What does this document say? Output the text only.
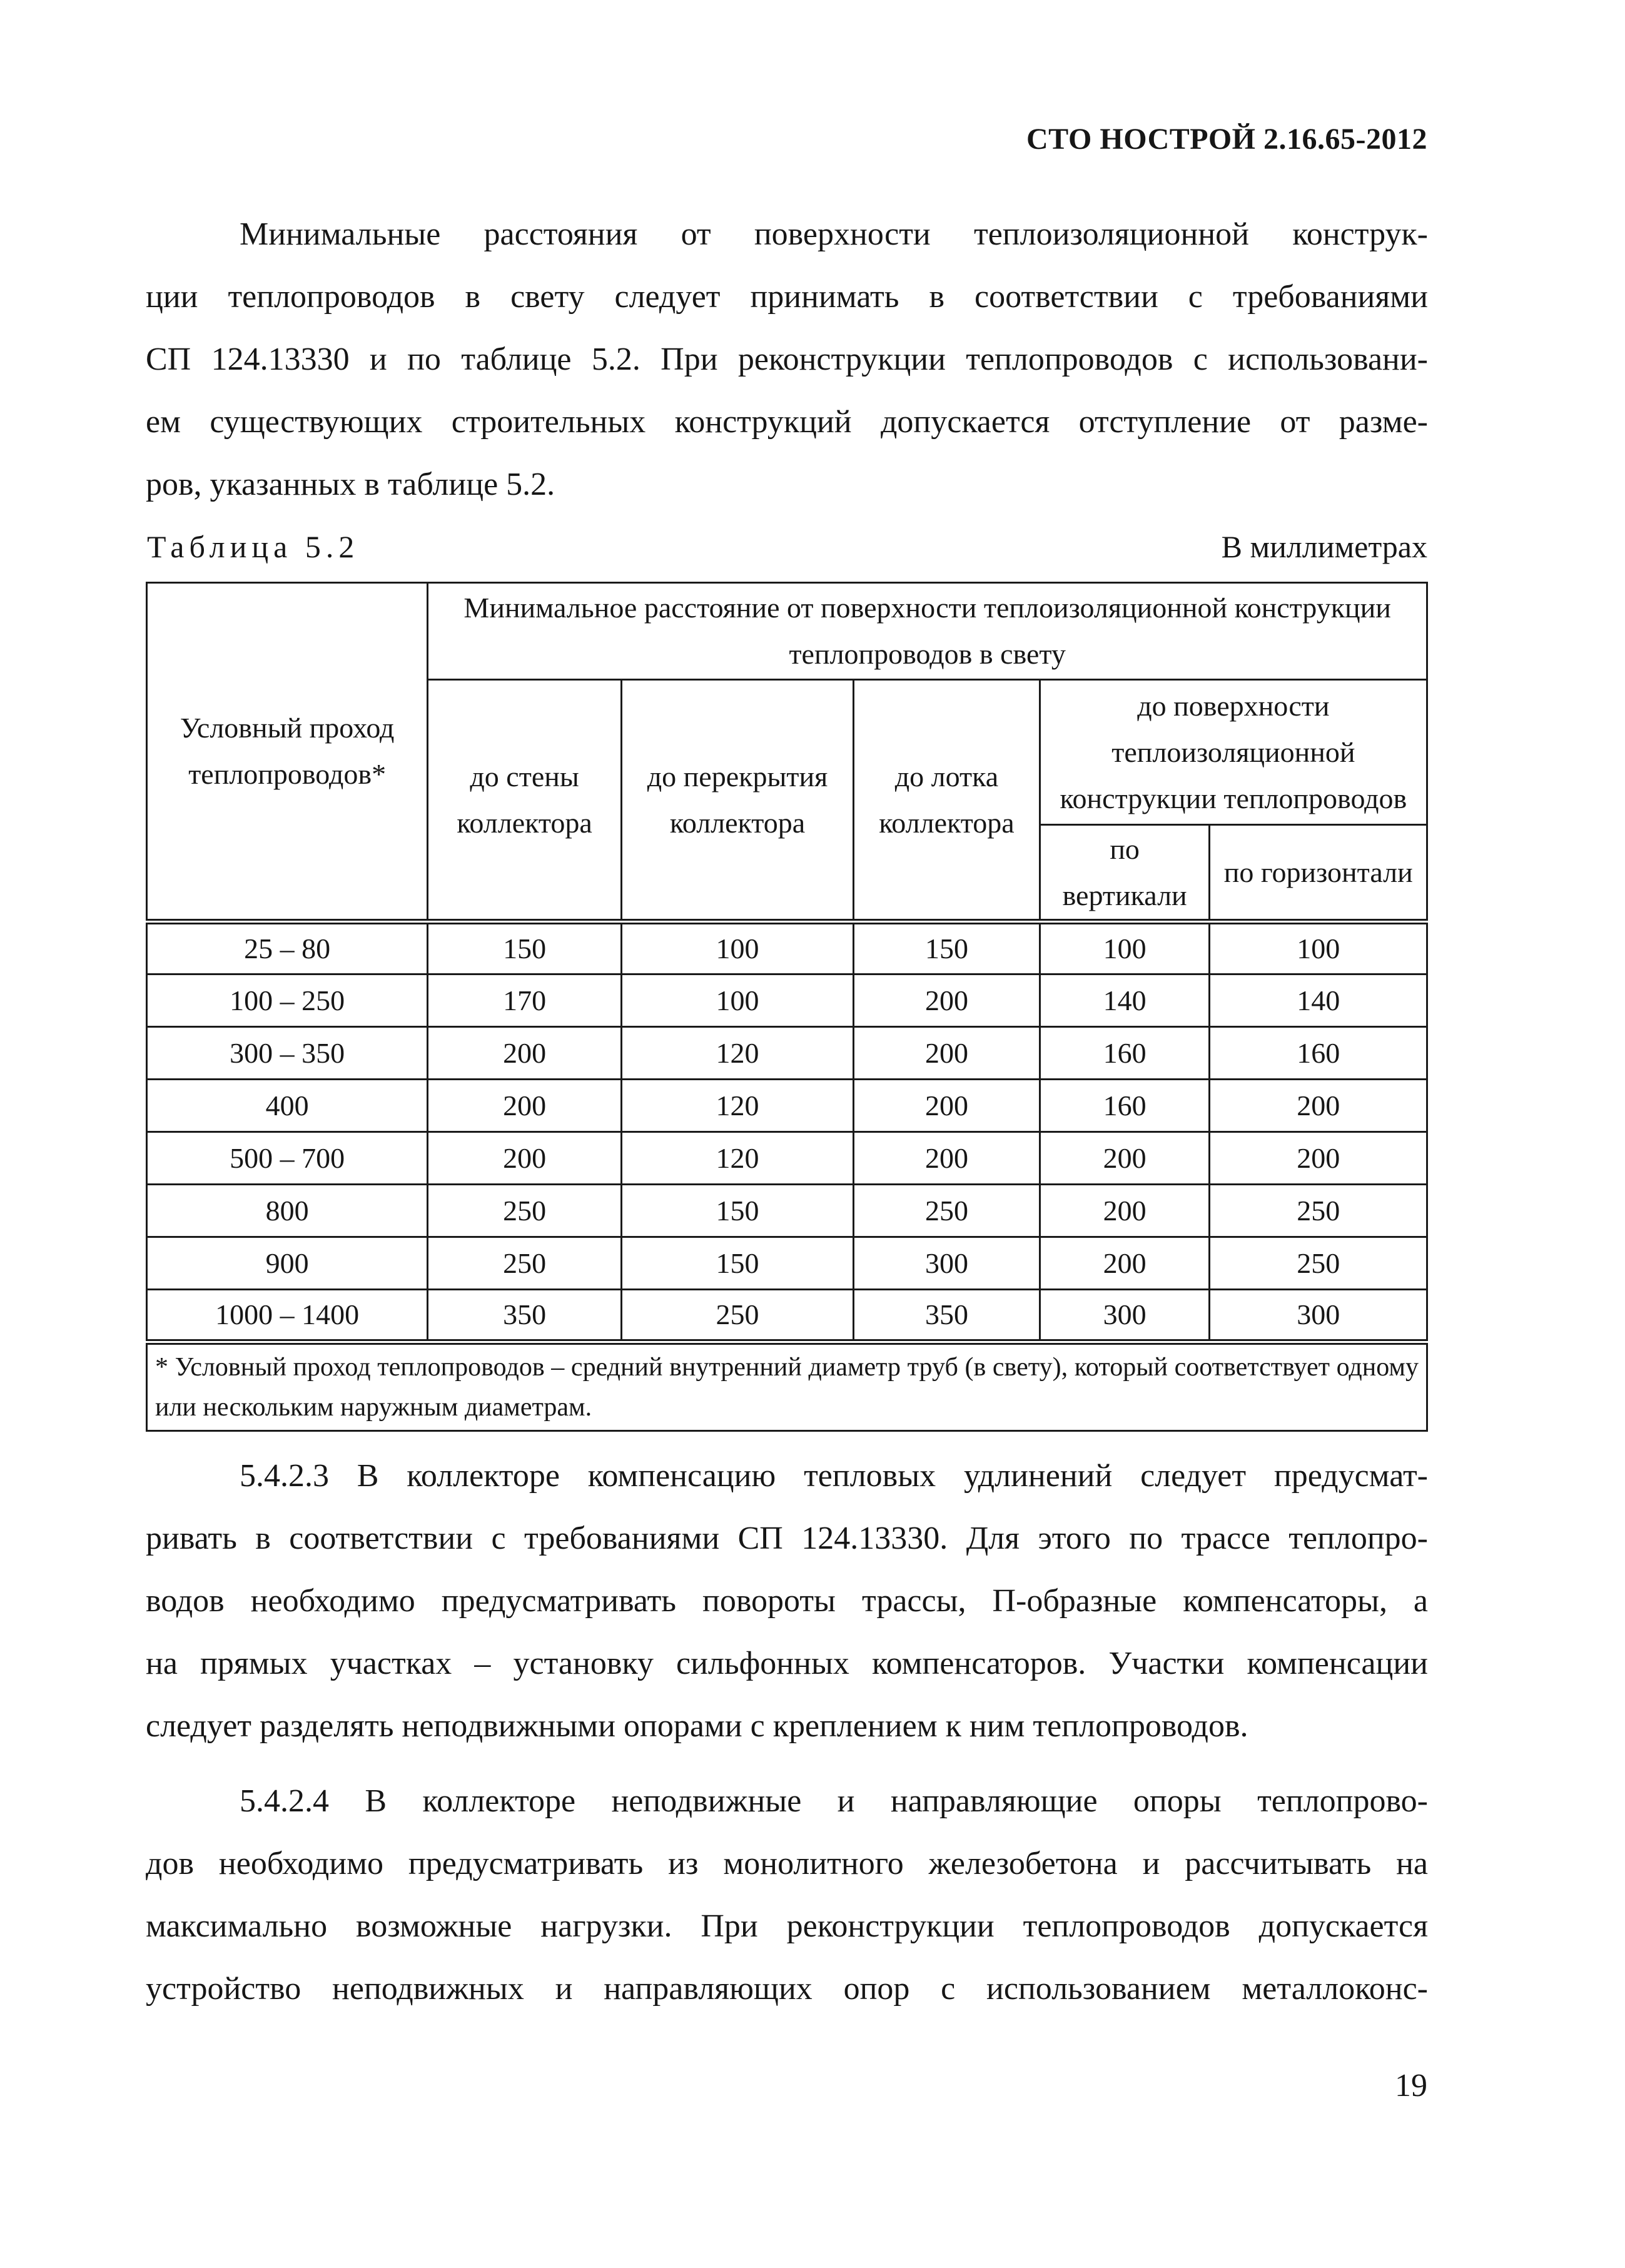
СТО НОСТРОЙ 2.16.65-2012
Минимальные расстояния от поверхности теплоизоляционной конструк-
ции теплопроводов в свету следует принимать в соответствии с требованиями
СП 124.13330 и по таблице 5.2. При реконструкции теплопроводов с использовани-
ем существующих строительных конструкций допускается отступление от разме-
ров, указанных в таблице 5.2.
Таблица 5.2	В миллиметрах
Условный проход теплопроводов*	Минимальное расстояние от поверхности теплоизоляционной конструкции теплопроводов в свету				
	до стены коллектора	до перекрытия коллектора	до лотка коллектора	до поверхности теплоизоляционной конструкции теплопроводов	
				по вертикали	по горизонтали
25 – 80	150	100	150	100	100
100 – 250	170	100	200	140	140
300 – 350	200	120	200	160	160
400	200	120	200	160	200
500 – 700	200	120	200	200	200
800	250	150	250	200	250
900	250	150	300	200	250
1000 – 1400	350	250	350	300	300
* Условный проход теплопроводов – средний внутренний диаметр труб (в свету), который соответствует одному или нескольким наружным диаметрам.					
5.4.2.3 В коллекторе компенсацию тепловых удлинений следует предусмат-
ривать в соответствии с требованиями СП 124.13330. Для этого по трассе теплопро-
водов необходимо предусматривать повороты трассы, П-образные компенсаторы, а
на прямых участках – установку сильфонных компенсаторов. Участки компенсации
следует разделять неподвижными опорами с креплением к ним теплопроводов.
5.4.2.4 В коллекторе неподвижные и направляющие опоры теплопрово-
дов необходимо предусматривать из монолитного железобетона и рассчитывать на
максимально возможные нагрузки. При реконструкции теплопроводов допускается
устройство неподвижных и направляющих опор с использованием металлоконс-
19
